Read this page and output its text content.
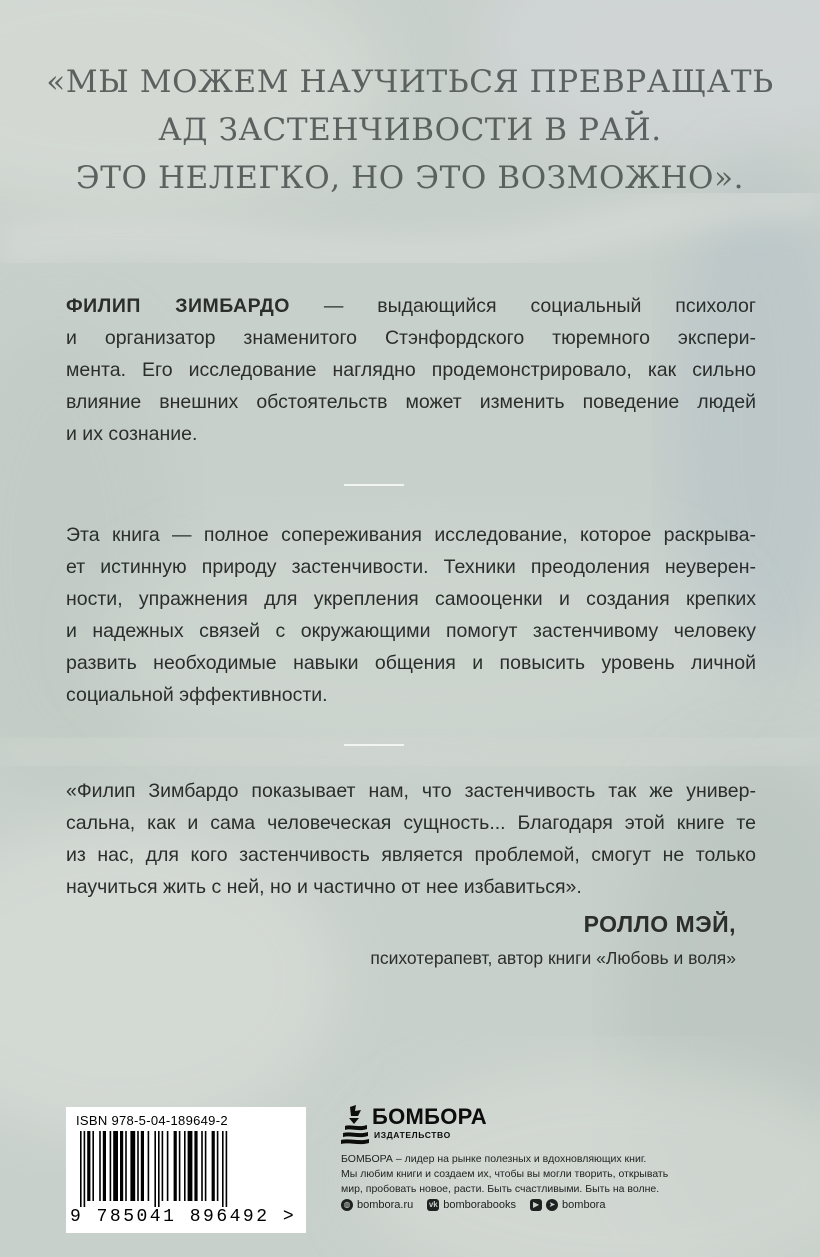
«МЫ МОЖЕМ НАУЧИТЬСЯ ПРЕВРАЩАТЬ
АД ЗАСТЕНЧИВОСТИ В РАЙ.
ЭТО НЕЛЕГКО, НО ЭТО ВОЗМОЖНО».
ФИЛИП ЗИМБАРДО — выдающийся социальный психолог
и организатор знаменитого Стэнфордского тюремного экспери-
мента. Его исследование наглядно продемонстрировало, как сильно
влияние внешних обстоятельств может изменить поведение людей
и их сознание.
Эта книга — полное сопереживания исследование, которое раскрыва-
ет истинную природу застенчивости. Техники преодоления неуверен-
ности, упражнения для укрепления самооценки и создания крепких
и надежных связей с окружающими помогут застенчивому человеку
развить необходимые навыки общения и повысить уровень личной
социальной эффективности.
«Филип Зимбардо показывает нам, что застенчивость так же универ-
сальна, как и сама человеческая сущность... Благодаря этой книге те
из нас, для кого застенчивость является проблемой, смогут не только
научиться жить с ней, но и частично от нее избавиться».
РОЛЛО МЭЙ,
психотерапевт, автор книги «Любовь и воля»
ISBN 978-5-04-189649-2
9 785041 896492 >
БОМБОРА
ИЗДАТЕЛЬСТВО
БОМБОРА – лидер на рынке полезных и вдохновляющих книг.
Мы любим книги и создаем их, чтобы вы могли творить, открывать
мир, пробовать новое, расти. Быть счастливыми. Быть на волне.
◍ bombora.ru vk bomborabooks	▶	➤ bombora
